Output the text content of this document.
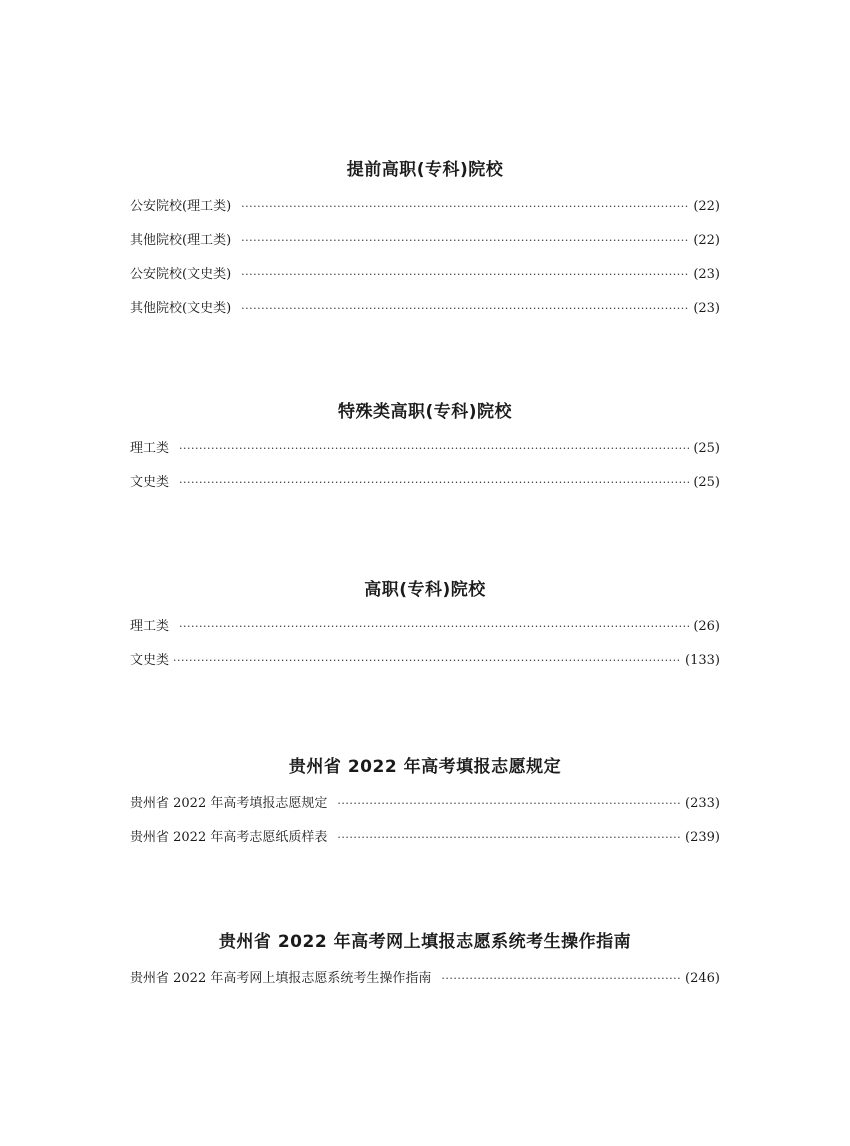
提前高职(专科)院校
公安院校(理工类) ·····	(22)
其他院校(理工类) ·····	(22)
公安院校(文史类) ·····	(23)
其他院校(文史类) ·····	(23)
特殊类高职(专科)院校
理工类 ·····	(25)
文史类 ·····	(25)
高职(专科)院校
理工类 ·····	(26)
文史类 ·····	(133)
贵州省 2022 年高考填报志愿规定
贵州省 2022 年高考填报志愿规定 ·····	(233)
贵州省 2022 年高考志愿纸质样表 ·····	(239)
贵州省 2022 年高考网上填报志愿系统考生操作指南
贵州省 2022 年高考网上填报志愿系统考生操作指南 ·····	(246)
